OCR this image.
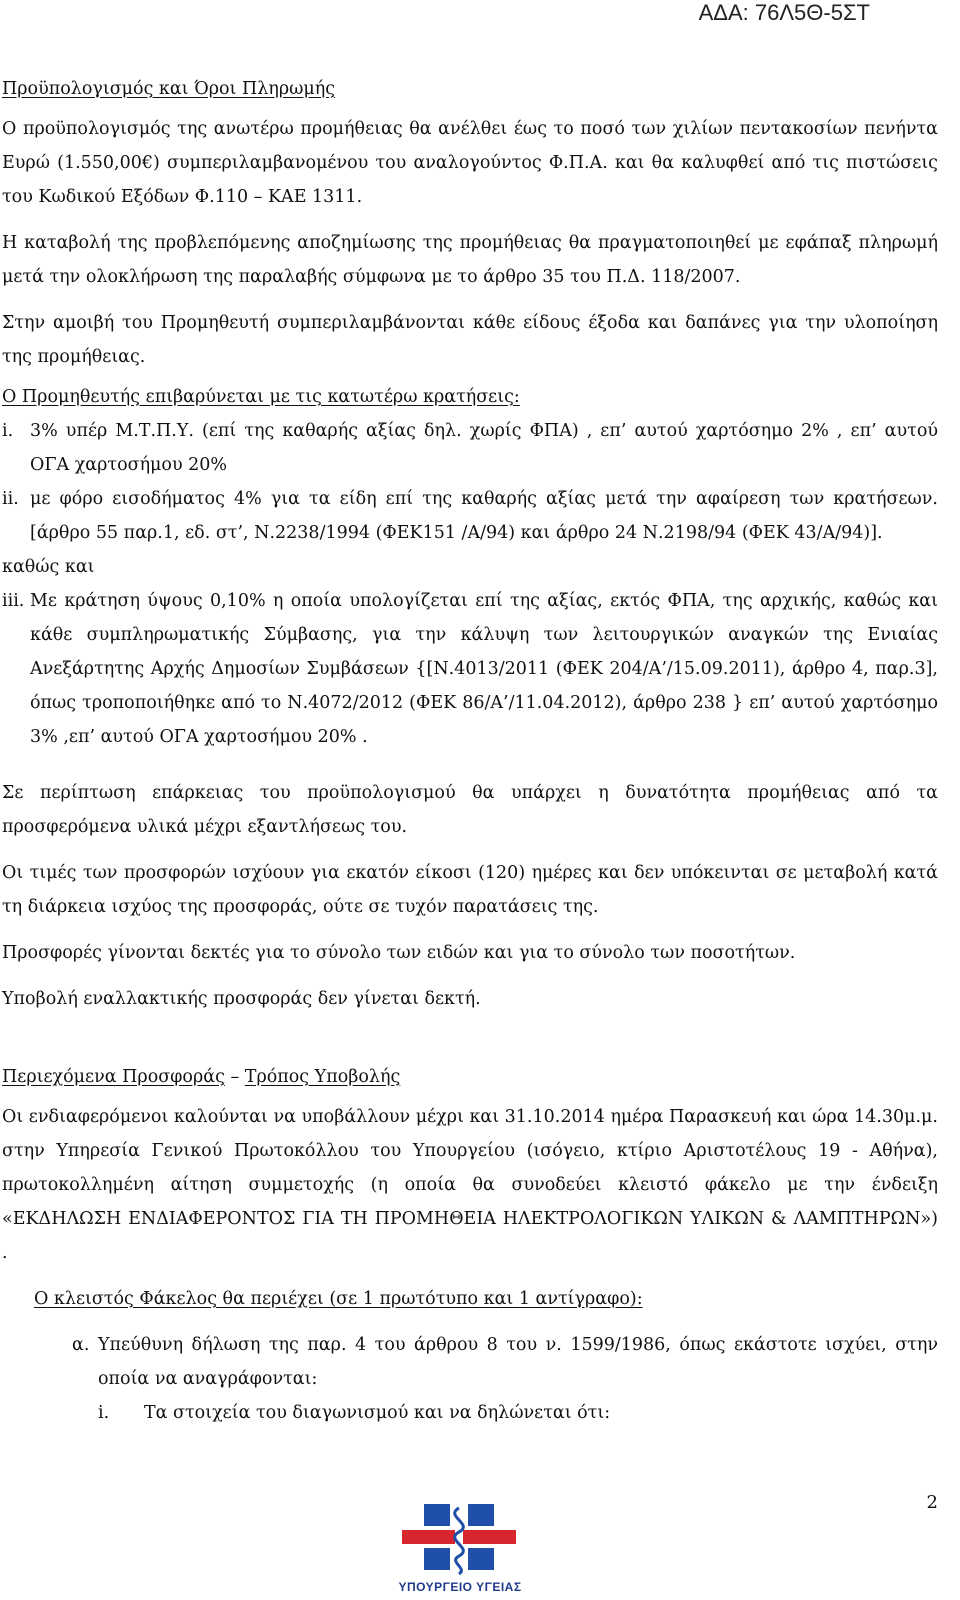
ΑΔΑ: 76Λ5Θ-5ΣΤ

Προϋπολογισμός και Όροι Πληρωμής

Ο προϋπολογισμός της ανωτέρω προμήθειας θα ανέλθει έως το ποσό των χιλίων πεντακοσίων πενήντα Ευρώ (1.550,00€) συμπεριλαμβανομένου του αναλογούντος Φ.Π.Α. και θα καλυφθεί από τις πιστώσεις του Κωδικού Εξόδων Φ.110 – ΚΑΕ 1311.

Η καταβολή της προβλεπόμενης αποζημίωσης της προμήθειας θα πραγματοποιηθεί με εφάπαξ πληρωμή μετά την ολοκλήρωση της παραλαβής σύμφωνα με το άρθρο 35 του Π.Δ. 118/2007.

Στην αμοιβή του Προμηθευτή συμπεριλαμβάνονται κάθε είδους έξοδα και δαπάνες για την υλοποίηση της προμήθειας.

Ο Προμηθευτής επιβαρύνεται με τις κατωτέρω κρατήσεις:

i. 3% υπέρ Μ.Τ.Π.Υ. (επί της καθαρής αξίας δηλ. χωρίς ΦΠΑ) , επ’ αυτού χαρτόσημο 2% , επ’ αυτού ΟΓΑ χαρτοσήμου 20%
ii. με φόρο εισοδήματος 4% για τα είδη επί της καθαρής αξίας μετά την αφαίρεση των κρατήσεων. [άρθρο 55 παρ.1, εδ. στ’, Ν.2238/1994 (ΦΕΚ151 /Α/94) και άρθρο 24 Ν.2198/94 (ΦΕΚ 43/Α/94)].

καθώς και

iii. Με κράτηση ύψους 0,10% η οποία υπολογίζεται επί της αξίας, εκτός ΦΠΑ, της αρχικής, καθώς και κάθε συμπληρωματικής Σύμβασης, για την κάλυψη των λειτουργικών αναγκών της Ενιαίας Ανεξάρτητης Αρχής Δημοσίων Συμβάσεων {[Ν.4013/2011 (ΦΕΚ 204/Α’/15.09.2011), άρθρο 4, παρ.3], όπως τροποποιήθηκε από το Ν.4072/2012 (ΦΕΚ 86/Α’/11.04.2012), άρθρο 238 } επ’ αυτού χαρτόσημο 3% ,επ’ αυτού ΟΓΑ χαρτοσήμου 20% .

Σε περίπτωση επάρκειας του προϋπολογισμού θα υπάρχει η δυνατότητα προμήθειας από τα προσφερόμενα υλικά μέχρι εξαντλήσεως του.

Οι τιμές των προσφορών ισχύουν για εκατόν είκοσι (120) ημέρες και δεν υπόκεινται σε μεταβολή κατά τη διάρκεια ισχύος της προσφοράς, ούτε σε τυχόν παρατάσεις της.

Προσφορές γίνονται δεκτές για το σύνολο των ειδών και για το σύνολο των ποσοτήτων.

Υποβολή εναλλακτικής προσφοράς δεν γίνεται δεκτή.

Περιεχόμενα Προσφοράς – Τρόπος Υποβολής

Οι ενδιαφερόμενοι καλούνται να υποβάλλουν μέχρι και 31.10.2014 ημέρα Παρασκευή και ώρα 14.30μ.μ. στην Υπηρεσία Γενικού Πρωτοκόλλου του Υπουργείου (ισόγειο, κτίριο Αριστοτέλους 19 - Αθήνα), πρωτοκολλημένη αίτηση συμμετοχής (η οποία θα συνοδεύει κλειστό φάκελο με την ένδειξη «ΕΚΔΗΛΩΣΗ ΕΝΔΙΑΦΕΡΟΝΤΟΣ ΓΙΑ ΤΗ ΠΡΟΜΗΘΕΙΑ ΗΛΕΚΤΡΟΛΟΓΙΚΩΝ ΥΛΙΚΩΝ & ΛΑΜΠΤΗΡΩΝ») .

Ο κλειστός Φάκελος θα περιέχει (σε 1 πρωτότυπο και 1 αντίγραφο):

α. Υπεύθυνη δήλωση της παρ. 4 του άρθρου 8 του ν. 1599/1986, όπως εκάστοτε ισχύει, στην οποία να αναγράφονται:
i.	Τα στοιχεία του διαγωνισμού και να δηλώνεται ότι:
2
ΥΠΟΥΡΓΕΙΟ ΥΓΕΙΑΣ
